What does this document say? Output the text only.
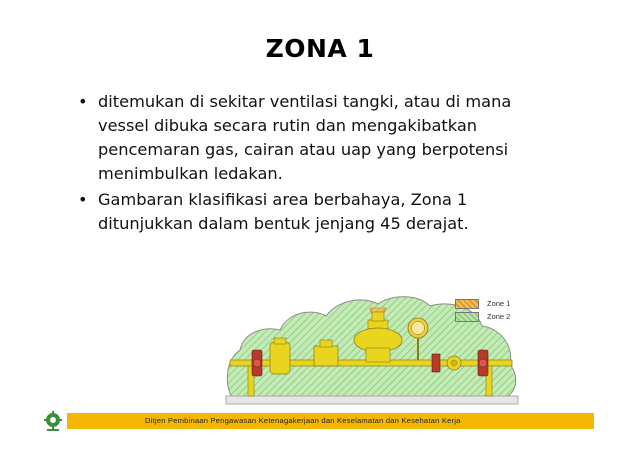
ZONA 1
• ditemukan di sekitar ventilasi tangki, atau di mana vessel dibuka secara rutin dan mengakibatkan pencemaran gas, cairan atau uap yang berpotensi menimbulkan ledakan.
• Gambaran klasifikasi area berbahaya, Zona 1 ditunjukkan dalam bentuk jenjang 45 derajat.
Zone 1
Zone 2
Ditjen Pembinaan Pengawasan Ketenagakerjaan dan Keselamatan dan Kesehatan Kerja
